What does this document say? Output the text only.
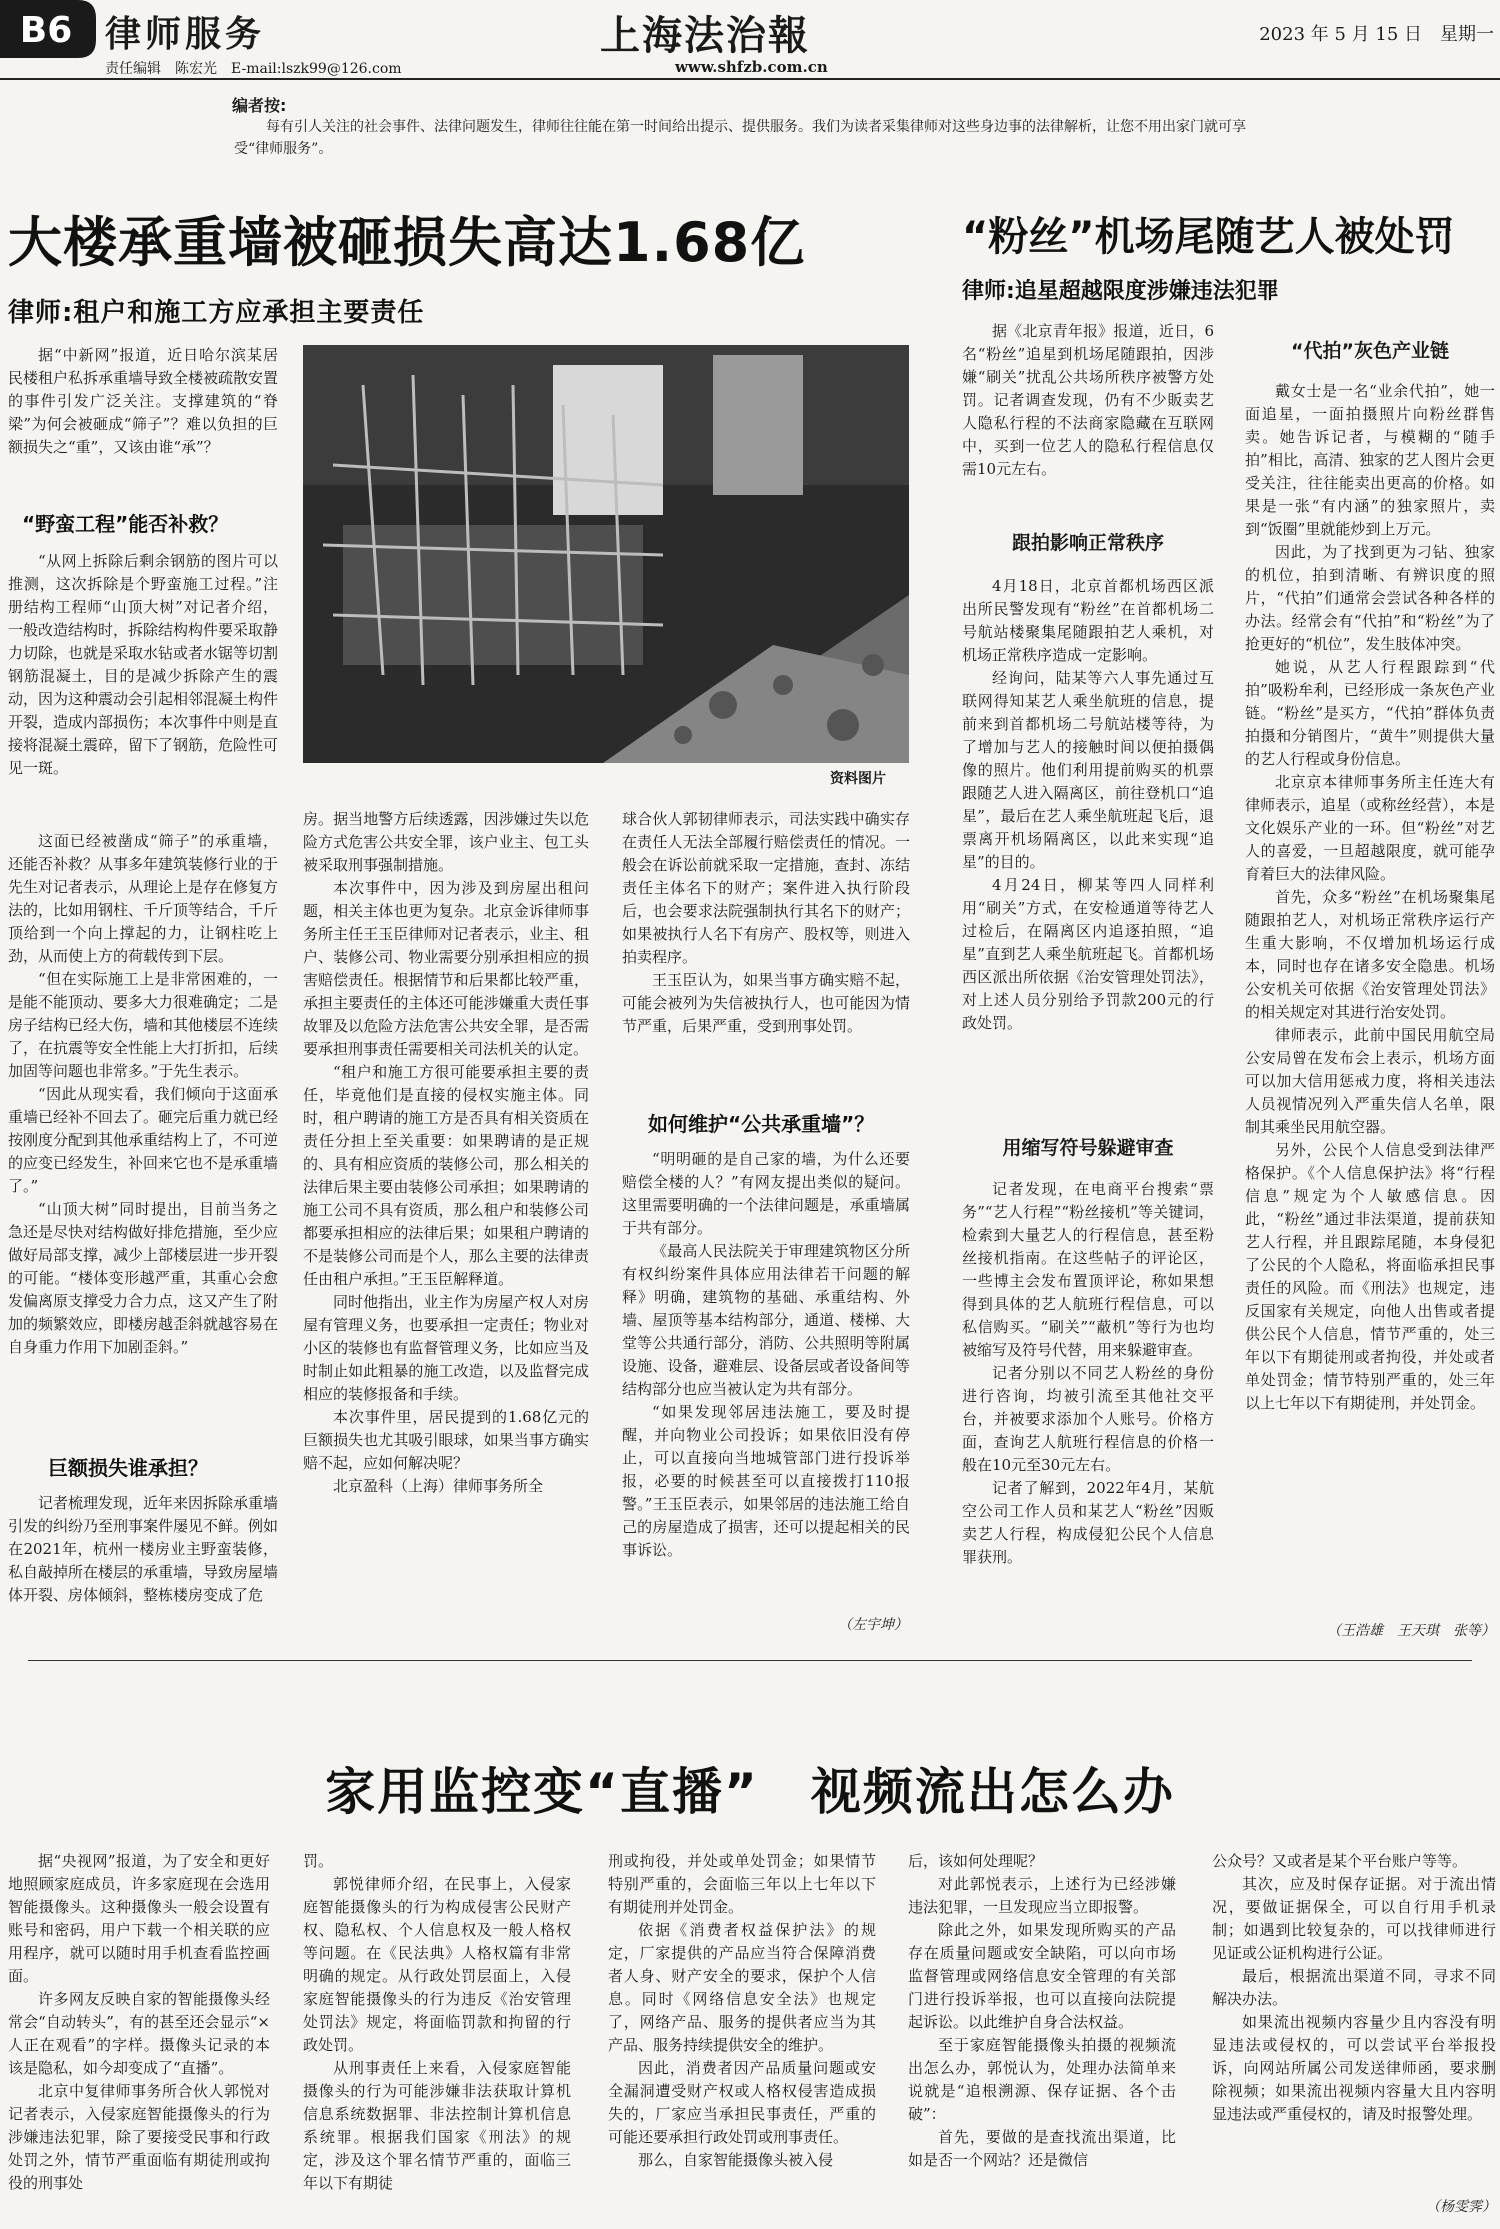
B6 律师服务
责任编辑　陈宏光　E-mail:lszk99@126.com
上海法治報
www.shfzb.com.cn
2023 年 5 月 15 日　星期一
编者按:
每有引人关注的社会事件、法律问题发生，律师往往能在第一时间给出提示、提供服务。我们为读者采集律师对这些身边事的法律解析，让您不用出家门就可享受“律师服务”。
大楼承重墙被砸损失高达1.68亿
律师:租户和施工方应承担主要责任
资料图片

据“中新网”报道，近日哈尔滨某居民楼租户私拆承重墙导致全楼被疏散安置的事件引发广泛关注。支撑建筑的“脊梁”为何会被砸成“筛子”？难以负担的巨额损失之“重”，又该由谁“承”？

“野蛮工程”能否补救？

“从网上拆除后剩余钢筋的图片可以推测，这次拆除是个野蛮施工过程。”注册结构工程师“山顶大树”对记者介绍，一般改造结构时，拆除结构构件要采取静力切除，也就是采取水钻或者水锯等切割钢筋混凝土，目的是减少拆除产生的震动，因为这种震动会引起相邻混凝土构件开裂，造成内部损伤；本次事件中则是直接将混凝土震碎，留下了钢筋，危险性可见一斑。

这面已经被凿成“筛子”的承重墙，还能否补救？从事多年建筑装修行业的于先生对记者表示，从理论上是存在修复方法的，比如用钢柱、千斤顶等结合，千斤顶给到一个向上撑起的力，让钢柱吃上劲，从而使上方的荷载传到下层。

“但在实际施工上是非常困难的，一是能不能顶动、要多大力很难确定；二是房子结构已经大伤，墙和其他楼层不连续了，在抗震等安全性能上大打折扣，后续加固等问题也非常多。”于先生表示。

“因此从现实看，我们倾向于这面承重墙已经补不回去了。砸完后重力就已经按刚度分配到其他承重结构上了，不可逆的应变已经发生，补回来它也不是承重墙了。”

“山顶大树”同时提出，目前当务之急还是尽快对结构做好排危措施，至少应做好局部支撑，减少上部楼层进一步开裂的可能。“楼体变形越严重，其重心会愈发偏离原支撑受力合力点，这又产生了附加的频繁效应，即楼房越歪斜就越容易在自身重力作用下加剧歪斜。”

巨额损失谁承担？

记者梳理发现，近年来因拆除承重墙引发的纠纷乃至刑事案件屡见不鲜。例如在2021年，杭州一楼房业主野蛮装修，私自敲掉所在楼层的承重墙，导致房屋墙体开裂、房体倾斜，整栋楼房变成了危

房。据当地警方后续透露，因涉嫌过失以危险方式危害公共安全罪，该户业主、包工头被采取刑事强制措施。

本次事件中，因为涉及到房屋出租问题，相关主体也更为复杂。北京金诉律师事务所主任王玉臣律师对记者表示，业主、租户、装修公司、物业需要分别承担相应的损害赔偿责任。根据情节和后果都比较严重，承担主要责任的主体还可能涉嫌重大责任事故罪及以危险方法危害公共安全罪，是否需要承担刑事责任需要相关司法机关的认定。

“租户和施工方很可能要承担主要的责任，毕竟他们是直接的侵权实施主体。同时，租户聘请的施工方是否具有相关资质在责任分担上至关重要：如果聘请的是正规的、具有相应资质的装修公司，那么相关的法律后果主要由装修公司承担；如果聘请的施工公司不具有资质，那么租户和装修公司都要承担相应的法律后果；如果租户聘请的不是装修公司而是个人，那么主要的法律责任由租户承担。”王玉臣解释道。

同时他指出，业主作为房屋产权人对房屋有管理义务，也要承担一定责任；物业对小区的装修也有监督管理义务，比如应当及时制止如此粗暴的施工改造，以及监督完成相应的装修报备和手续。

本次事件里，居民提到的1.68亿元的巨额损失也尤其吸引眼球，如果当事方确实赔不起，应如何解决呢？

北京盈科（上海）律师事务所全

球合伙人郭韧律师表示，司法实践中确实存在责任人无法全部履行赔偿责任的情况。一般会在诉讼前就采取一定措施，查封、冻结责任主体名下的财产；案件进入执行阶段后，也会要求法院强制执行其名下的财产；如果被执行人名下有房产、股权等，则进入拍卖程序。

王玉臣认为，如果当事方确实赔不起，可能会被列为失信被执行人，也可能因为情节严重，后果严重，受到刑事处罚。

如何维护“公共承重墙”？

“明明砸的是自己家的墙，为什么还要赔偿全楼的人？”有网友提出类似的疑问。这里需要明确的一个法律问题是，承重墙属于共有部分。

《最高人民法院关于审理建筑物区分所有权纠纷案件具体应用法律若干问题的解释》明确，建筑物的基础、承重结构、外墙、屋顶等基本结构部分，通道、楼梯、大堂等公共通行部分，消防、公共照明等附属设施、设备，避难层、设备层或者设备间等结构部分也应当被认定为共有部分。

“如果发现邻居违法施工，要及时提醒，并向物业公司投诉；如果依旧没有停止，可以直接向当地城管部门进行投诉举报，必要的时候甚至可以直接拨打110报警。”王玉臣表示，如果邻居的违法施工给自己的房屋造成了损害，还可以提起相关的民事诉讼。

（左宇坤）
“粉丝”机场尾随艺人被处罚
律师:追星超越限度涉嫌违法犯罪

据《北京青年报》报道，近日，6名“粉丝”追星到机场尾随跟拍，因涉嫌“刷关”扰乱公共场所秩序被警方处罚。记者调查发现，仍有不少販卖艺人隐私行程的不法商家隐藏在互联网中，买到一位艺人的隐私行程信息仅需10元左右。

跟拍影响正常秩序

4月18日，北京首都机场西区派出所民警发现有“粉丝”在首都机场二号航站楼聚集尾随跟拍艺人乘机，对机场正常秩序造成一定影响。

经询问，陆某等六人事先通过互联网得知某艺人乘坐航班的信息，提前来到首都机场二号航站楼等待，为了增加与艺人的接触时间以便拍摄偶像的照片。他们利用提前购买的机票跟随艺人进入隔离区，前往登机口“追星”，最后在艺人乘坐航班起飞后，退票离开机场隔离区，以此来实现“追星”的目的。

4月24日，柳某等四人同样利用“刷关”方式，在安检通道等待艺人过检后，在隔离区内追逐拍照，“追星”直到艺人乘坐航班起飞。首都机场西区派出所依据《治安管理处罚法》，对上述人员分别给予罚款200元的行政处罚。

用缩写符号躲避审查

记者发现，在电商平台搜索“票务”“艺人行程”“粉丝接机”等关键词，检索到大量艺人的行程信息，甚至粉丝接机指南。在这些帖子的评论区，一些博主会发布置顶评论，称如果想得到具体的艺人航班行程信息，可以私信购买。“刷关”“蔽机”等行为也均被缩写及符号代替，用来躲避审查。

记者分别以不同艺人粉丝的身份进行咨询，均被引流至其他社交平台，并被要求添加个人账号。价格方面，查询艺人航班行程信息的价格一般在10元至30元左右。

记者了解到，2022年4月，某航空公司工作人员和某艺人“粉丝”因贩卖艺人行程，构成侵犯公民个人信息罪获刑。

“代拍”灰色产业链

戴女士是一名“业余代拍”，她一面追星，一面拍摄照片向粉丝群售卖。她告诉记者，与模糊的“随手拍”相比，高清、独家的艺人图片会更受关注，往往能卖出更高的价格。如果是一张“有内涵”的独家照片，卖到“饭圈”里就能炒到上万元。

因此，为了找到更为刁钻、独家的机位，拍到清晰、有辨识度的照片，“代拍”们通常会尝试各种各样的办法。经常会有“代拍”和“粉丝”为了抢更好的“机位”，发生肢体冲突。

她说，从艺人行程跟踪到“代拍”吸粉牟利，已经形成一条灰色产业链。“粉丝”是买方，“代拍”群体负责拍摄和分销图片，“黄牛”则提供大量的艺人行程或身份信息。

北京京本律师事务所主任连大有律师表示，追星（或称丝经营），本是文化娱乐产业的一环。但“粉丝”对艺人的喜爱，一旦超越限度，就可能孕育着巨大的法律风险。

首先，众多“粉丝”在机场聚集尾随跟拍艺人，对机场正常秩序运行产生重大影响，不仅增加机场运行成本，同时也存在诸多安全隐患。机场公安机关可依据《治安管理处罚法》的相关规定对其进行治安处罚。

律师表示，此前中国民用航空局公安局曾在发布会上表示，机场方面可以加大信用惩戒力度，将相关违法人员视情况列入严重失信人名单，限制其乘坐民用航空器。

另外，公民个人信息受到法律严格保护。《个人信息保护法》将“行程信息”规定为个人敏感信息。因此，“粉丝”通过非法渠道，提前获知艺人行程，并且跟踪尾随，本身侵犯了公民的个人隐私，将面临承担民事责任的风险。而《刑法》也规定，违反国家有关规定，向他人出售或者提供公民个人信息，情节严重的，处三年以下有期徒刑或者拘役，并处或者单处罚金；情节特别严重的，处三年以上七年以下有期徒刑，并处罚金。

（王浩雄　王天琪　张等）
家用监控变“直播”　视频流出怎么办

据“央视网”报道，为了安全和更好地照顾家庭成员，许多家庭现在会选用智能摄像头。这种摄像头一般会设置有账号和密码，用户下载一个相关联的应用程序，就可以随时用手机查看监控画面。

许多网友反映自家的智能摄像头经常会“自动转头”，有的甚至还会显示“×人正在观看”的字样。摄像头记录的本该是隐私，如今却变成了“直播”。

北京中复律师事务所合伙人郭悦对记者表示，入侵家庭智能摄像头的行为涉嫌违法犯罪，除了要接受民事和行政处罚之外，情节严重面临有期徒刑或拘役的刑事处

罚。

郭悦律师介绍，在民事上，入侵家庭智能摄像头的行为构成侵害公民财产权、隐私权、个人信息权及一般人格权等问题。在《民法典》人格权篇有非常明确的规定。从行政处罚层面上，入侵家庭智能摄像头的行为违反《治安管理处罚法》规定，将面临罚款和拘留的行政处罚。

从刑事责任上来看，入侵家庭智能摄像头的行为可能涉嫌非法获取计算机信息系统数据罪、非法控制计算机信息系统罪。根据我们国家《刑法》的规定，涉及这个罪名情节严重的，面临三年以下有期徒

刑或拘役，并处或单处罚金；如果情节特别严重的，会面临三年以上七年以下有期徒刑并处罚金。

依据《消费者权益保护法》的规定，厂家提供的产品应当符合保障消费者人身、财产安全的要求，保护个人信息。同时《网络信息安全法》也规定了，网络产品、服务的提供者应当为其产品、服务持续提供安全的维护。

因此，消费者因产品质量问题或安全漏洞遭受财产权或人格权侵害造成损失的，厂家应当承担民事责任，严重的可能还要承担行政处罚或刑事责任。

那么，自家智能摄像头被入侵

后，该如何处理呢？

对此郭悦表示，上述行为已经涉嫌违法犯罪，一旦发现应当立即报警。

除此之外，如果发现所购买的产品存在质量问题或安全缺陷，可以向市场监督管理或网络信息安全管理的有关部门进行投诉举报，也可以直接向法院提起诉讼。以此维护自身合法权益。

至于家庭智能摄像头拍摄的视频流出怎么办，郭悦认为，处理办法简单来说就是“追根溯源、保存证据、各个击破”：

首先，要做的是查找流出渠道，比如是否一个网站？还是微信

公众号？又或者是某个平台账户等等。

其次，应及时保存证据。对于流出情况，要做证据保全，可以自行用手机录制；如遇到比较复杂的，可以找律师进行见证或公证机构进行公证。

最后，根据流出渠道不同，寻求不同解决办法。

如果流出视频内容量少且内容没有明显违法或侵权的，可以尝试平台举报投诉，向网站所属公司发送律师函，要求删除视频；如果流出视频内容量大且内容明显违法或严重侵权的，请及时报警处理。

（杨雯霁）
